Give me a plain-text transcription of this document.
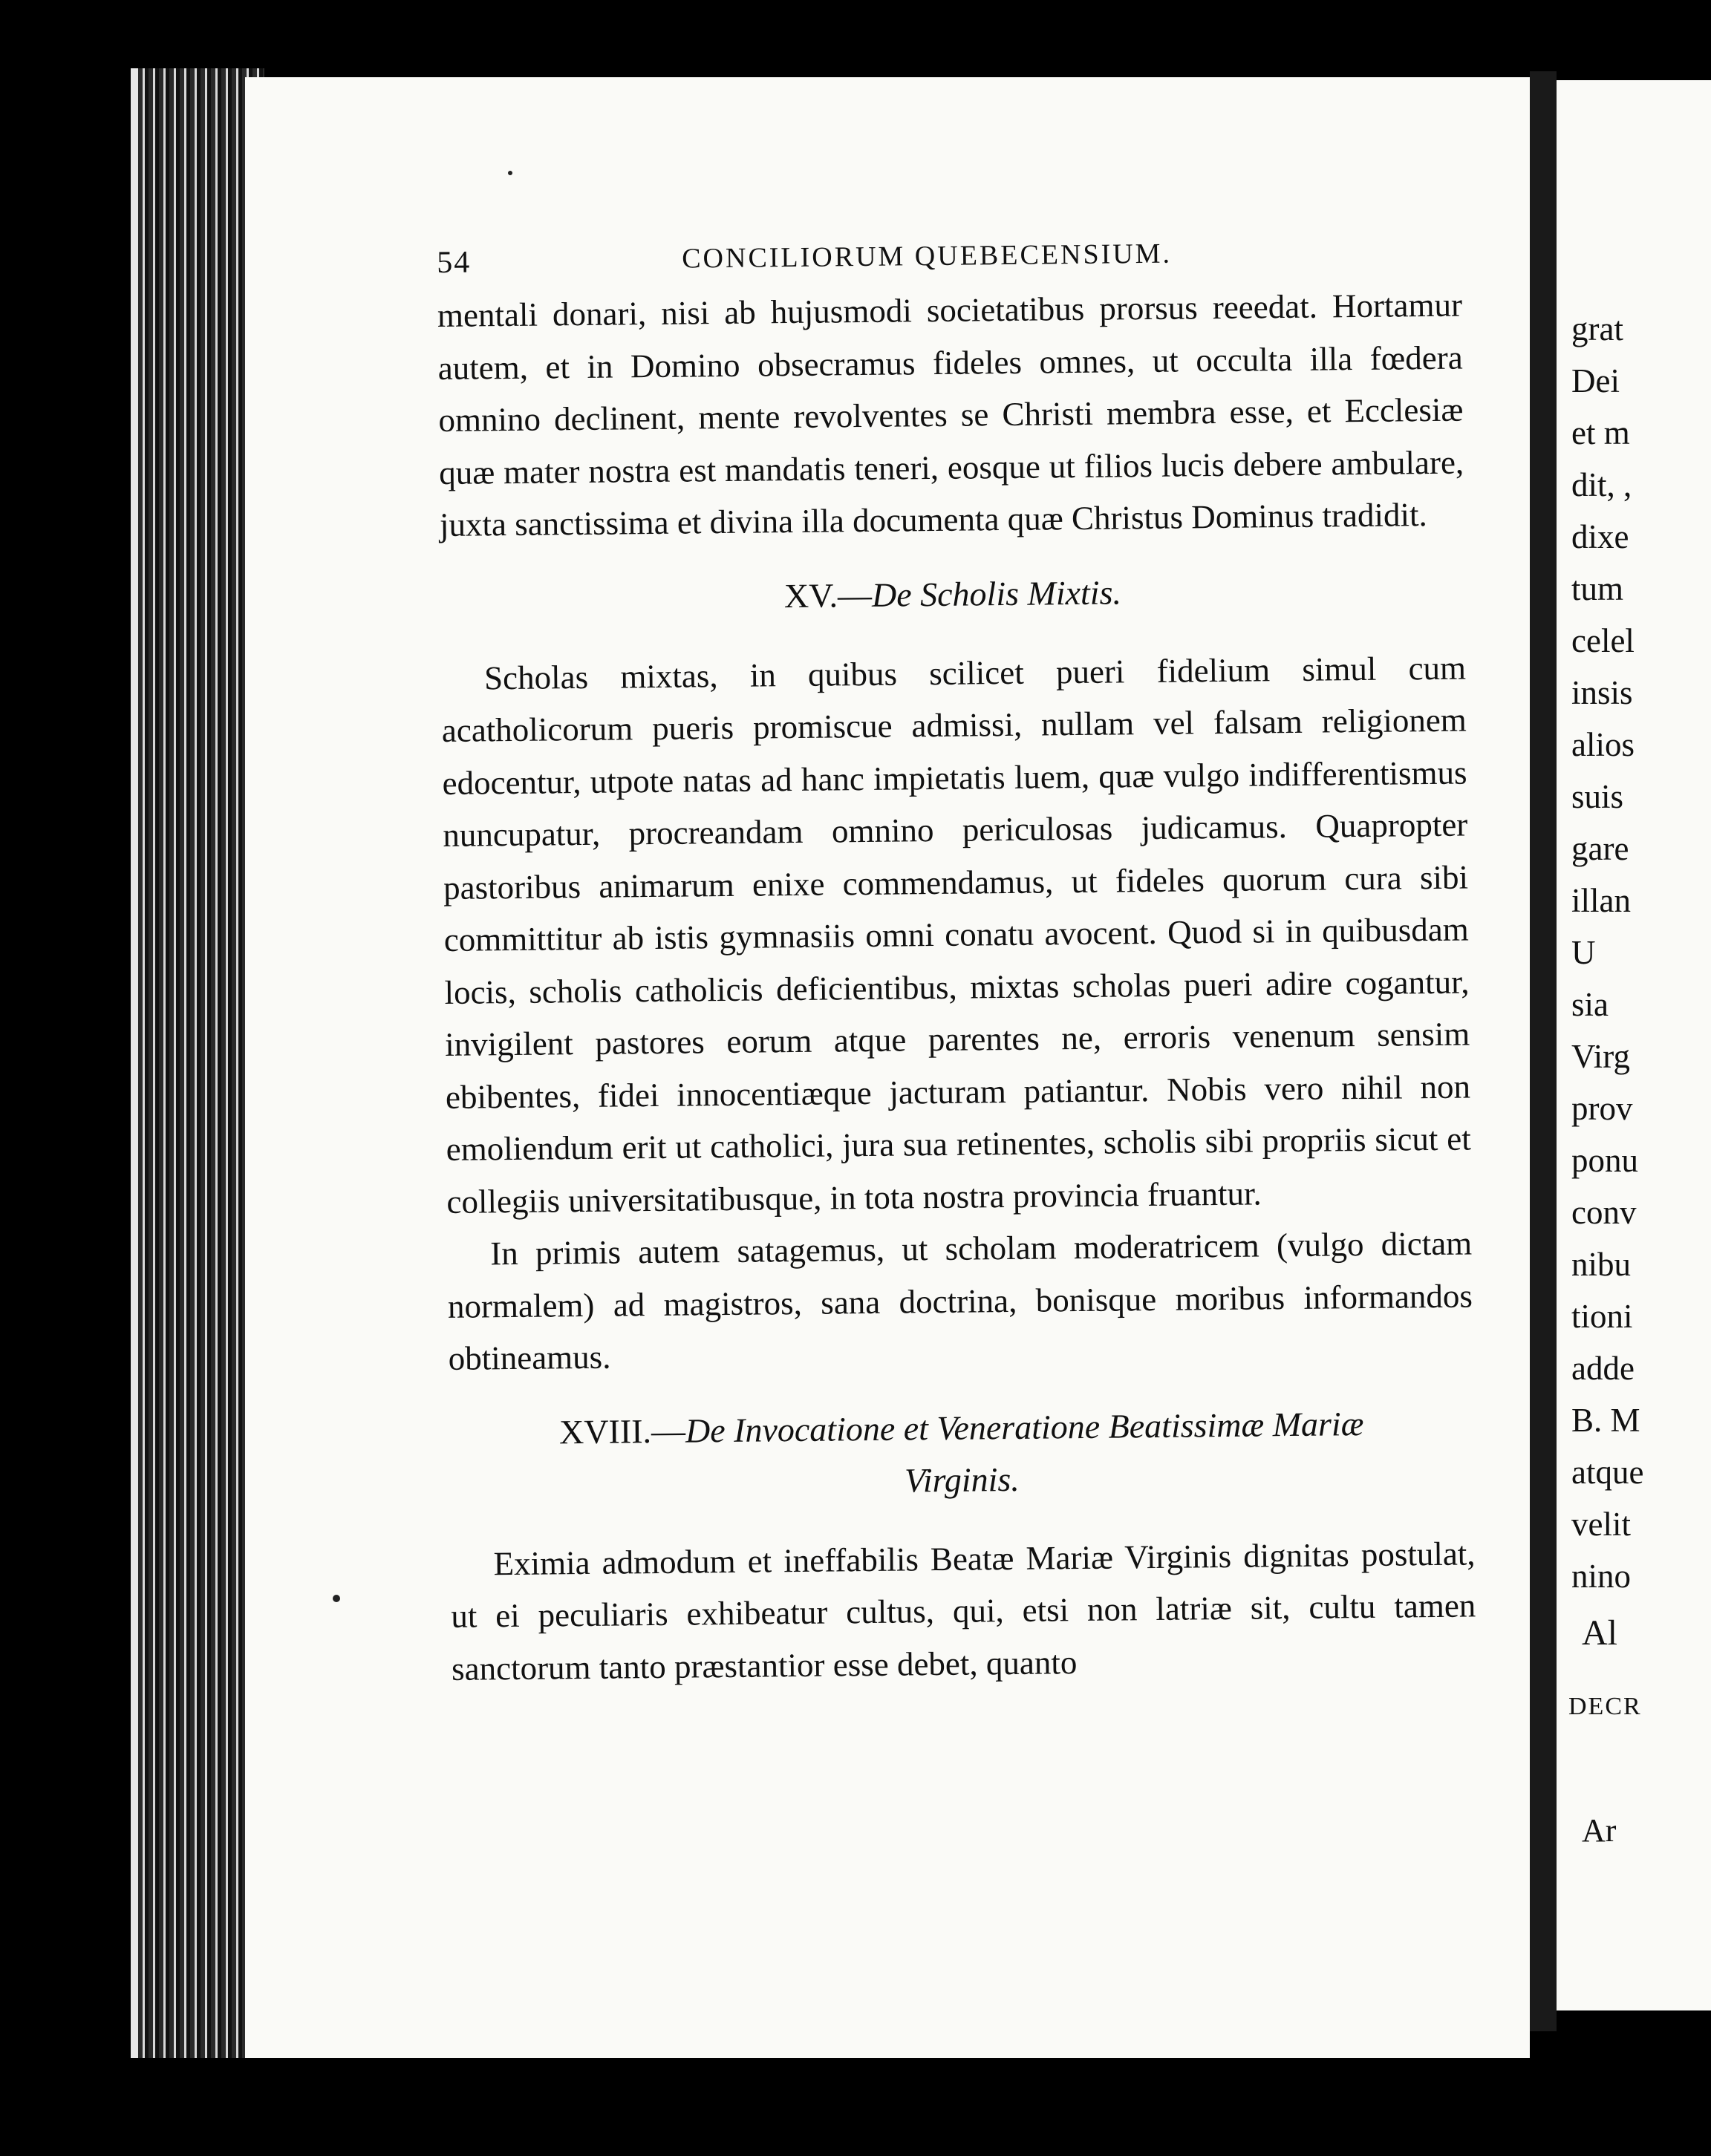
54	CONCILIORUM QUEBECENSIUM.

mentali donari, nisi ab hujusmodi societatibus prorsus reeedat. Hortamur autem, et in Domino obsecramus fideles omnes, ut occulta illa fœdera omnino declinent, mente revolventes se Christi membra esse, et Ecclesiæ quæ mater nostra est mandatis teneri, eosque ut filios lucis debere ambulare, juxta sanctissima et divina illa documenta quæ Christus Dominus tradidit.

XV.—De Scholis Mixtis.

Scholas mixtas, in quibus scilicet pueri fidelium simul cum acatholicorum pueris promiscue admissi, nullam vel falsam religionem edocentur, utpote natas ad hanc impietatis luem, quæ vulgo indifferentismus nuncupatur, procreandam omnino periculosas judicamus. Quapropter pastoribus animarum enixe commendamus, ut fideles quorum cura sibi committitur ab istis gymnasiis omni conatu avocent. Quod si in quibusdam locis, scholis catholicis deficientibus, mixtas scholas pueri adire cogantur, invigilent pastores eorum atque parentes ne, erroris venenum sensim ebibentes, fidei innocentiæque jacturam patiantur. Nobis vero nihil non emoliendum erit ut catholici, jura sua retinentes, scholis sibi propriis sicut et collegiis universitatibusque, in tota nostra provincia fruantur.

In primis autem satagemus, ut scholam moderatricem (vulgo dictam normalem) ad magistros, sana doctrina, bonisque moribus informandos obtineamus.

XVIII.—De Invocatione et Veneratione Beatissimæ Mariæ
Virginis.

Eximia admodum et ineffabilis Beatæ Mariæ Virginis dignitas postulat, ut ei peculiaris exhibeatur cultus, qui, etsi non latriæ sit, cultu tamen sanctorum tanto præstantior esse debet, quanto

grat
Dei
et m
dit, ,
dixe
tum
celel
insis
alios
suis
gare
illan
U
sia
Virg
prov
ponu
conv
nibu
tioni
adde
B. M
atque
velit
nino
Al
DECR
Ar
